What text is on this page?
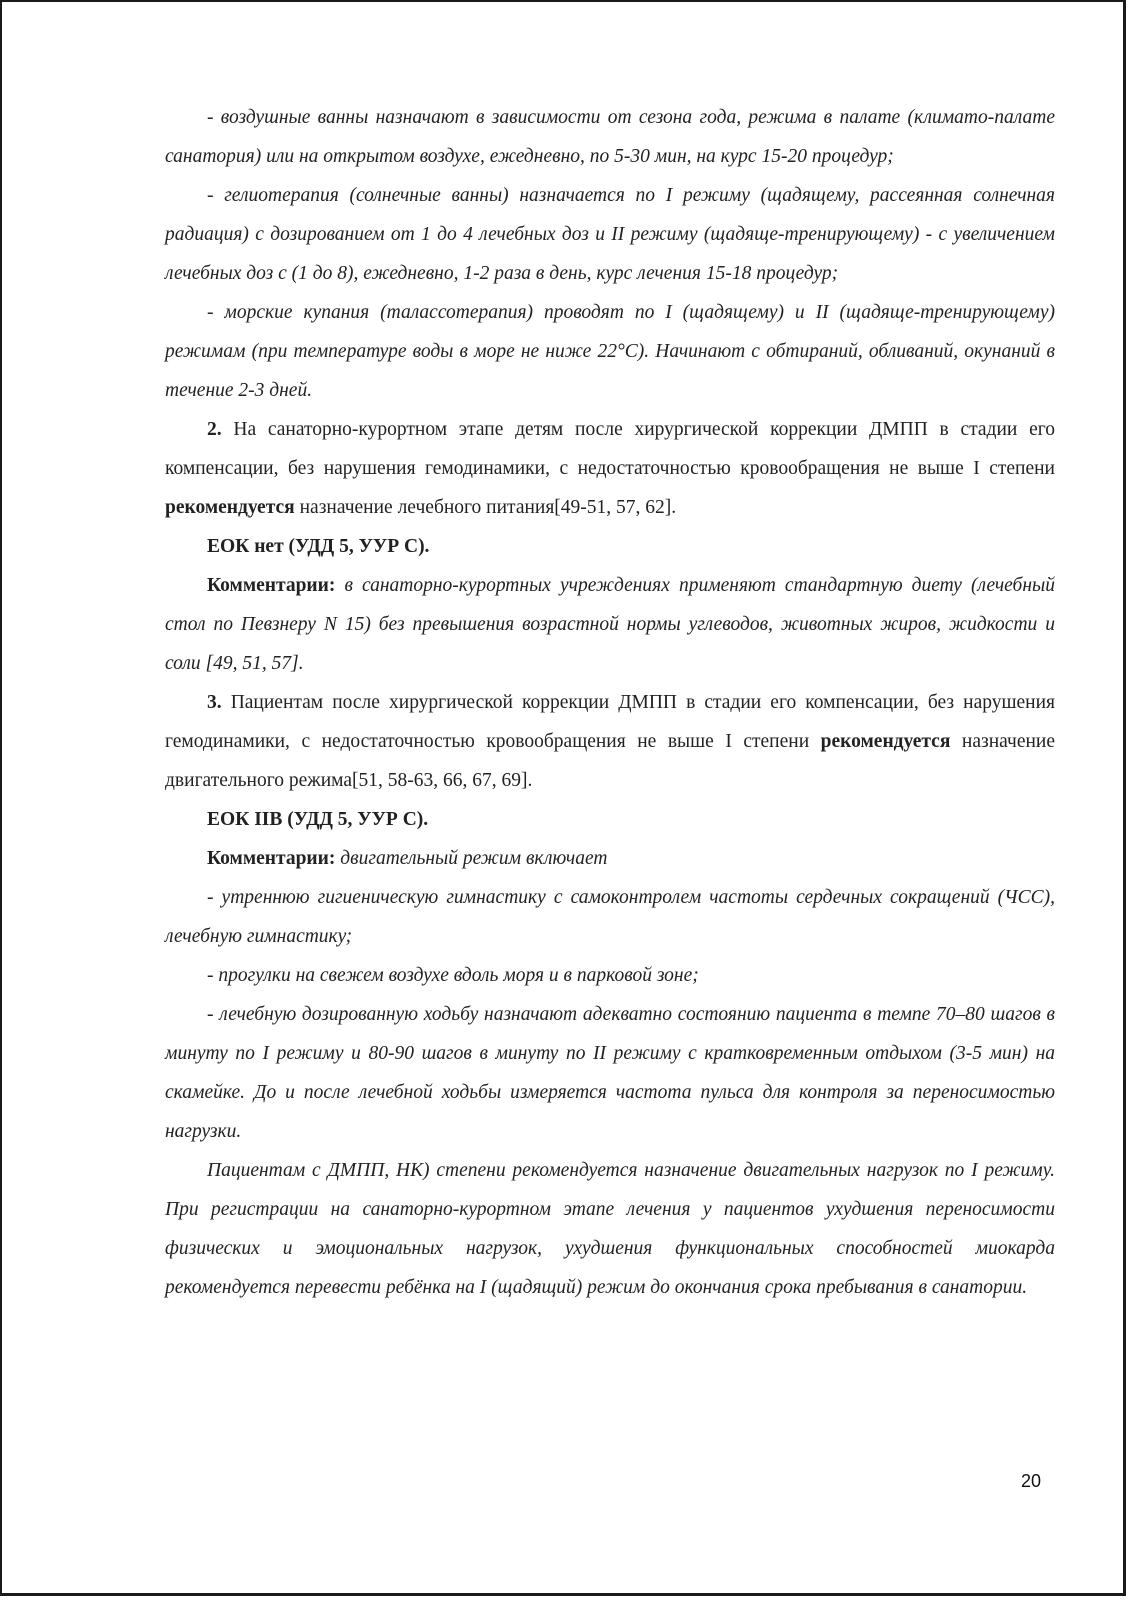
- воздушные ванны назначают в зависимости от сезона года, режима в палате (климато-палате санатория) или на открытом воздухе, ежедневно, по 5-30 мин, на курс 15-20 процедур;

- гелиотерапия (солнечные ванны) назначается по I режиму (щадящему, рассеянная солнечная радиация) с дозированием от 1 до 4 лечебных доз и II режиму (щадяще-тренирующему) - с увеличением лечебных доз с (1 до 8), ежедневно, 1-2 раза в день, курс лечения 15-18 процедур;

- морские купания (талассотерапия) проводят по I (щадящему) и II (щадяще-тренирующему) режимам (при температуре воды в море не ниже 22°C). Начинают с обтираний, обливаний, окунаний в течение 2-3 дней.

2. На санаторно-курортном этапе детям после хирургической коррекции ДМПП в стадии его компенсации, без нарушения гемодинамики, с недостаточностью кровообращения не выше I степени рекомендуется назначение лечебного питания[49-51, 57, 62].

ЕОК нет (УДД 5, УУР С).

Комментарии: в санаторно-курортных учреждениях применяют стандартную диету (лечебный стол по Певзнеру N 15) без превышения возрастной нормы углеводов, животных жиров, жидкости и соли [49, 51, 57].

3. Пациентам после хирургической коррекции ДМПП в стадии его компенсации, без нарушения гемодинамики, с недостаточностью кровообращения не выше I степени рекомендуется назначение двигательного режима[51, 58-63, 66, 67, 69].

ЕОК IIB (УДД 5, УУР С).

Комментарии: двигательный режим включает

- утреннюю гигиеническую гимнастику с самоконтролем частоты сердечных сокращений (ЧСС), лечебную гимнастику;

- прогулки на свежем воздухе вдоль моря и в парковой зоне;

- лечебную дозированную ходьбу назначают адекватно состоянию пациента в темпе 70–80 шагов в минуту по I режиму и 80-90 шагов в минуту по II режиму с кратковременным отдыхом (3-5 мин) на скамейке. До и после лечебной ходьбы измеряется частота пульса для контроля за переносимостью нагрузки.

Пациентам с ДМПП, НК) степени рекомендуется назначение двигательных нагрузок по I режиму. При регистрации на санаторно-курортном этапе лечения у пациентов ухудшения переносимости физических и эмоциональных нагрузок, ухудшения функциональных способностей миокарда рекомендуется перевести ребёнка на I (щадящий) режим до окончания срока пребывания в санатории.

20
